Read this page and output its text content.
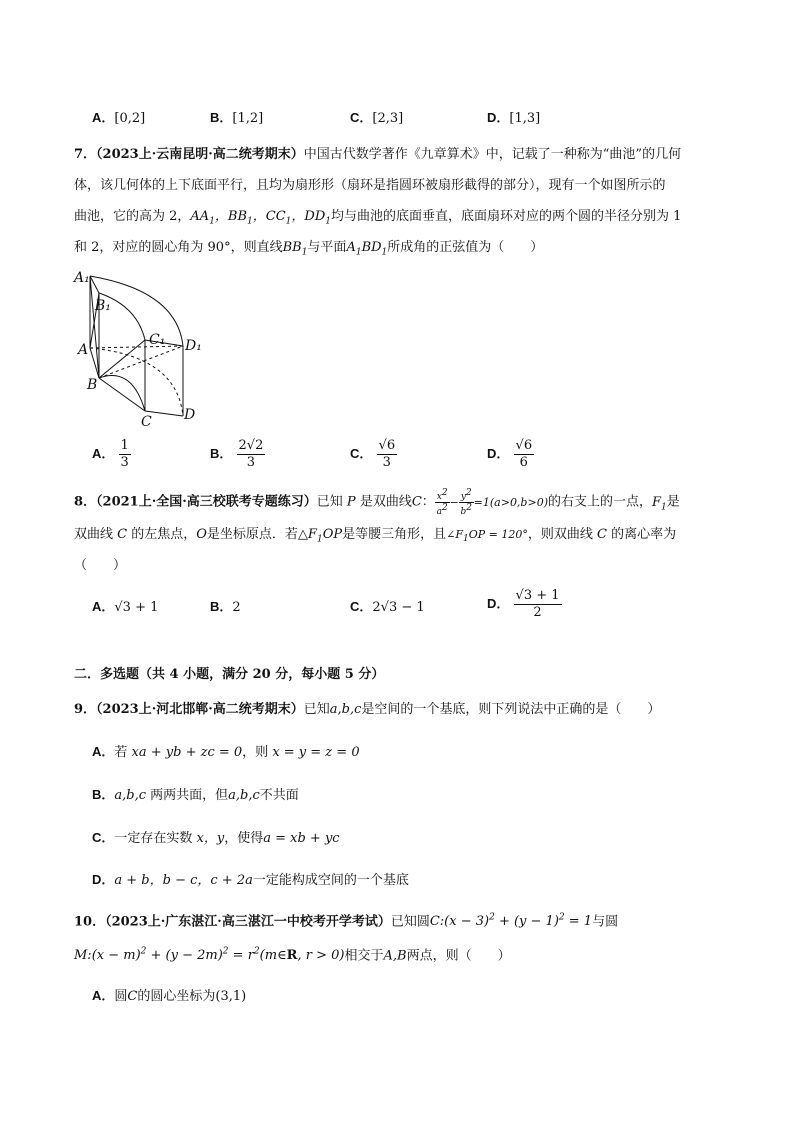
A．[0,2]	B．[1,2]	C．[2,3]	D．[1,3]
7．（2023上·云南昆明·高二统考期末）中国古代数学著作《九章算术》中，记载了一种称为“曲池”的几何
体，该几何体的上下底面平行，且均为扇形形（扇环是指圆环被扇形截得的部分），现有一个如图所示的
曲池，它的高为 2，$AA_1$，$BB_1$，$CC_1$，$DD_1$均与曲池的底面垂直，底面扇环对应的两个圆的半径分别为 1
和 2，对应的圆心角为 90°，则直线$BB_1$与平面$A_1BD_1$所成角的正弦值为（　　）
A₁
B₁
C₁ D₁
A
B
C D
A． $\frac{1}{3}$	B． $\frac{2√2}{3}$	C． $\frac{√6}{3}$	D． $\frac{√6}{6}$
8．（2021上·全国·高三校联考专题练习）已知 P 是双曲线C： $\frac{x2}{a2} - \frac{y2}{b2} =1(a>0,b>0)$的右支上的一点，$F_1$是
双曲线 C 的左焦点，O是坐标原点．若$\triangle F_1OP$是等腰三角形，且$\angle F_1OP = 120^\circ$，则双曲线 C 的离心率为
（　　）
A．√3 + 1	B．2	C．2√3 − 1	D． $\frac{√3 + 1}{2}$
二．多选题（共 4 小题，满分 20 分，每小题 5 分）
9．（2023上·河北邯郸·高二统考期末）已知a,b,c是空间的一个基底，则下列说法中正确的是（　　）
A．若 xa + yb + zc = 0，则 x = y = z = 0
B．a,b,c 两两共面，但a,b,c不共面
C．一定存在实数 x，y，使得a = xb + yc
D．a + b，b − c，c + 2a一定能构成空间的一个基底
10．（2023上·广东湛江·高三湛江一中校考开学考试）已知圆C:(x − $3)^2 + (y - 1)^2 = 1$与圆
M:(x − $m)^2 + (y - 2m)^2$ = $r^2(m\in R$, r > 0)相交于A,B两点，则（　　）
A．圆C的圆心坐标为(3,1)
